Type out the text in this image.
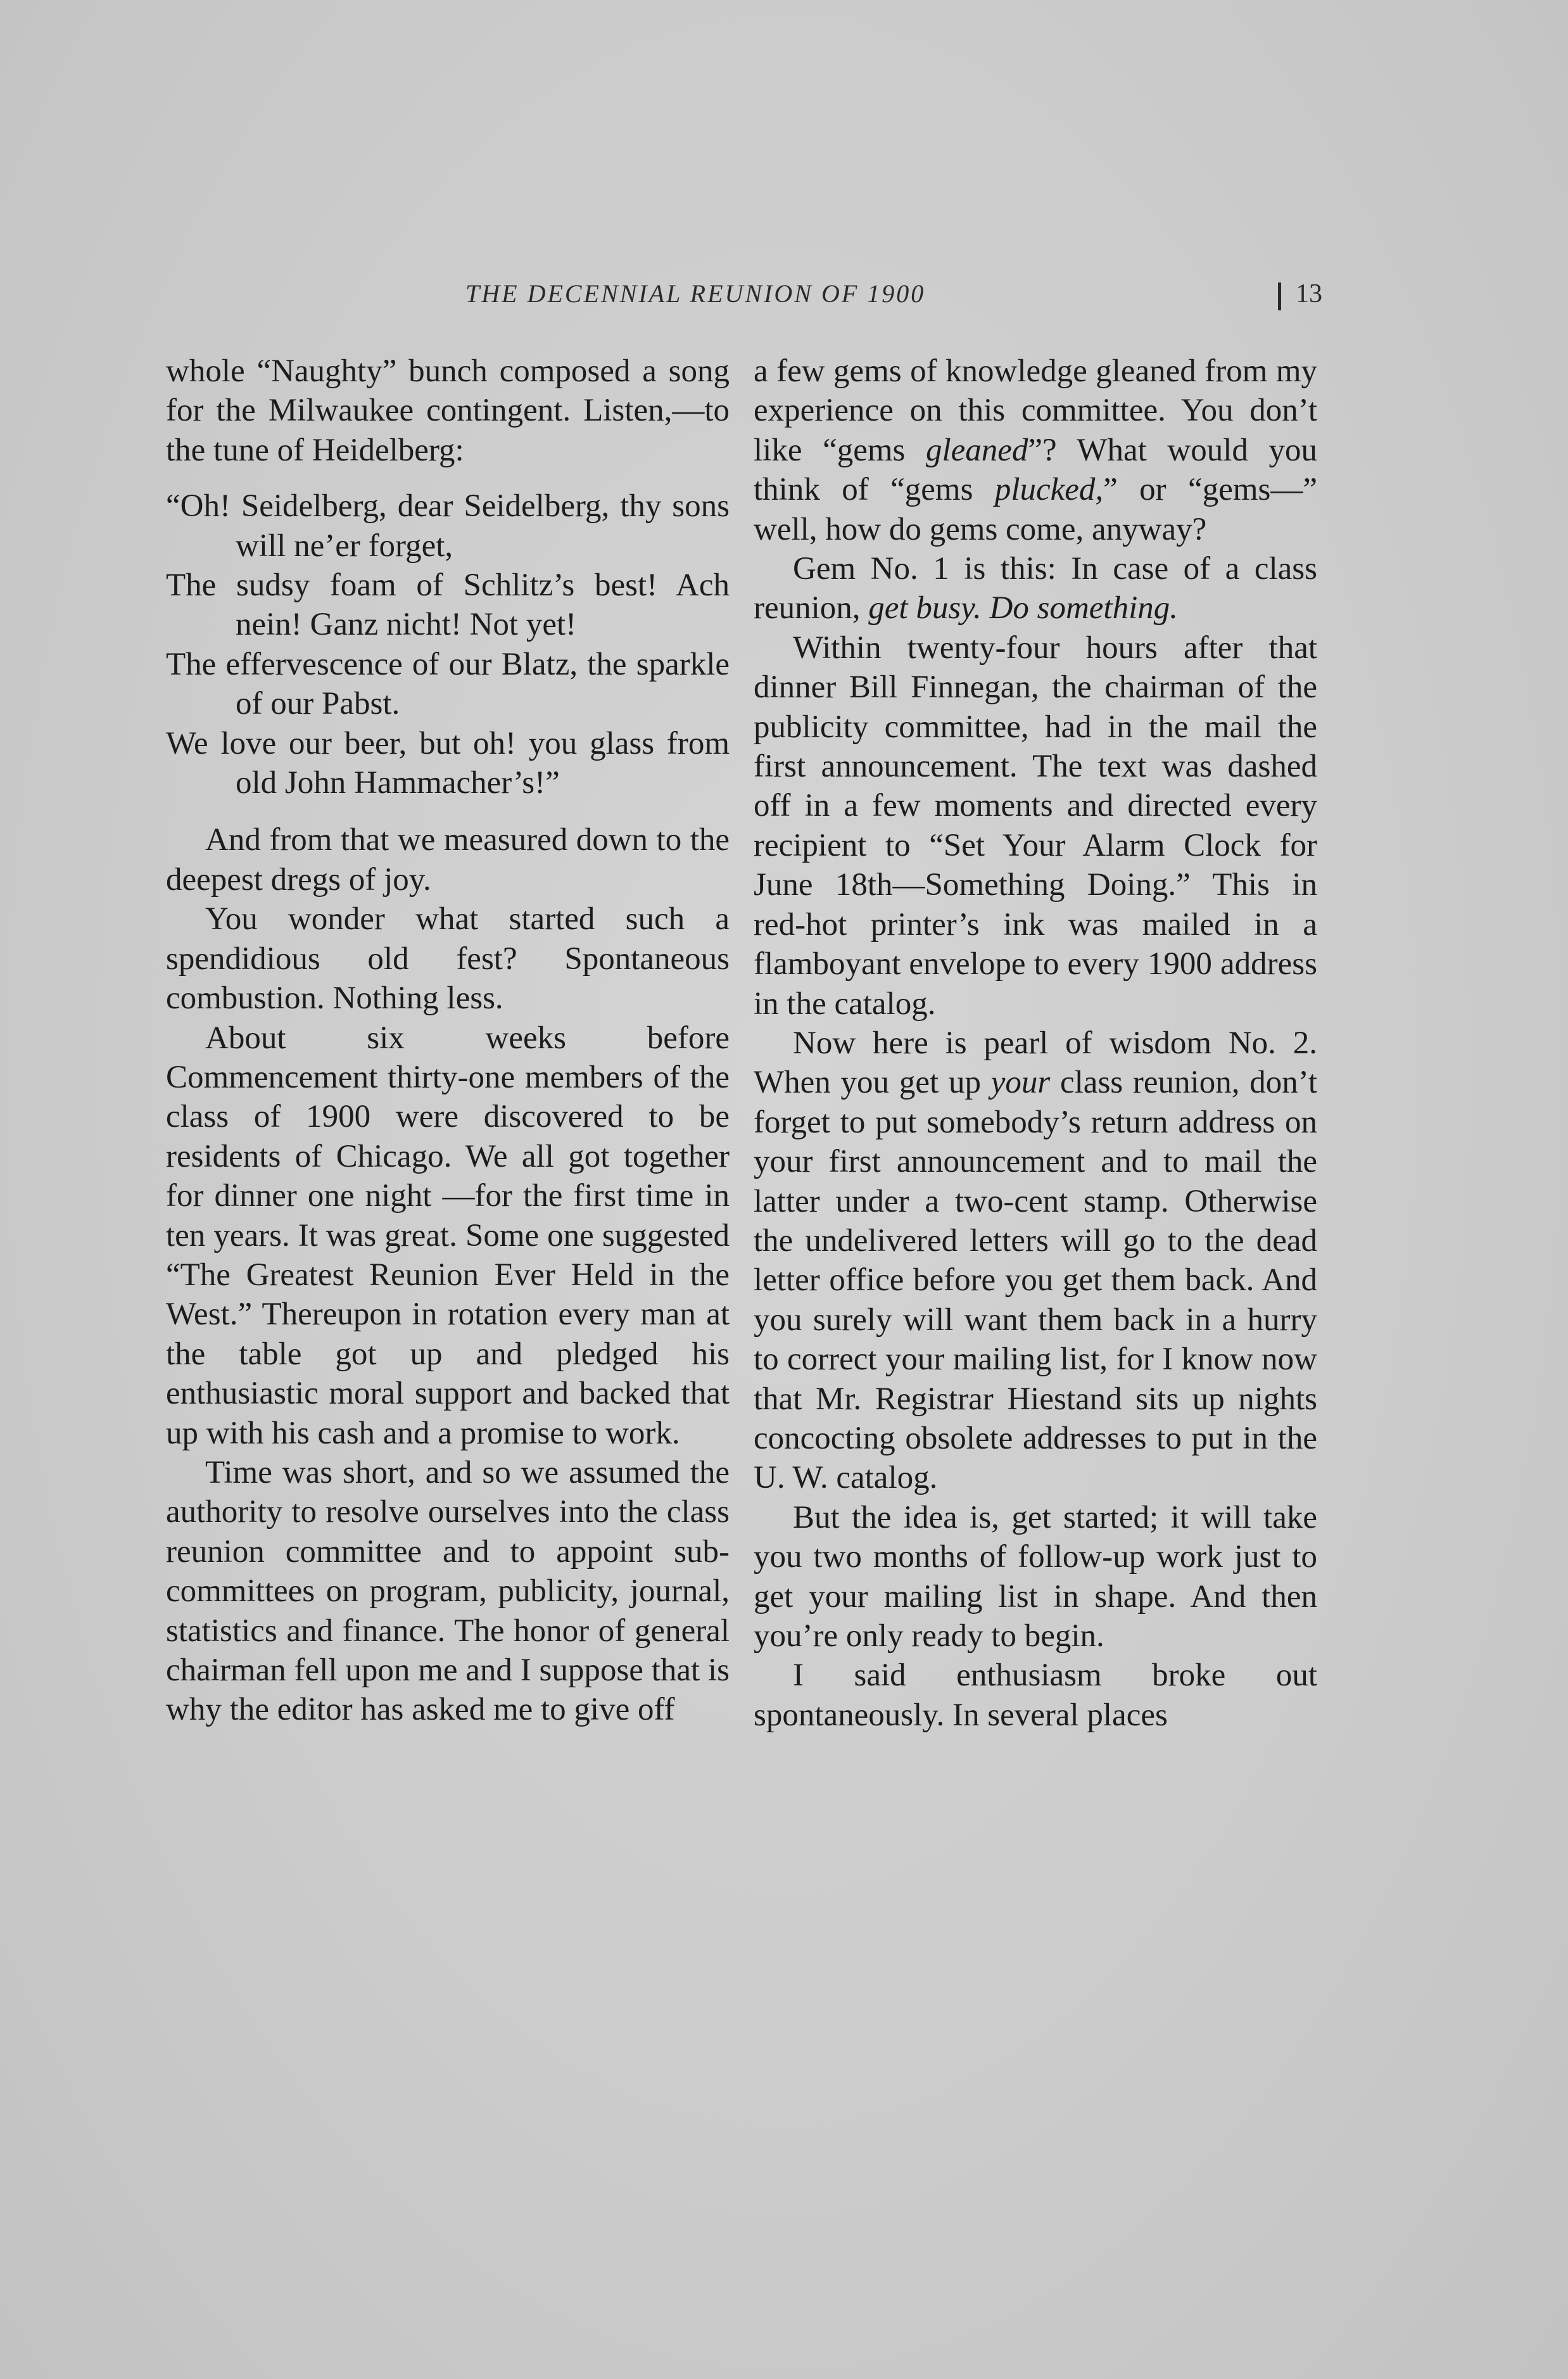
THE DECENNIAL REUNION OF 1900	13

whole “Naughty” bunch composed a song for the Milwaukee contingent. Listen,—to the tune of Heidelberg:

“Oh! Seidelberg, dear Seidelberg, thy sons will ne’er forget,
The sudsy foam of Schlitz’s best! Ach nein! Ganz nicht! Not yet!
The effervescence of our Blatz, the sparkle of our Pabst.
We love our beer, but oh! you glass from old John Hammacher’s!”

And from that we measured down to the deepest dregs of joy.

You wonder what started such a spendidious old fest? Spontaneous combustion. Nothing less.

About six weeks before Commencement thirty-one members of the class of 1900 were discovered to be residents of Chicago. We all got together for dinner one night —for the first time in ten years. It was great. Some one suggested “The Greatest Reunion Ever Held in the West.” Thereupon in rotation every man at the table got up and pledged his enthusiastic moral support and backed that up with his cash and a promise to work.

Time was short, and so we assumed the authority to resolve ourselves into the class reunion committee and to appoint sub-committees on program, publicity, journal, statistics and finance. The honor of general chairman fell upon me and I suppose that is why the editor has asked me to give off

a few gems of knowledge gleaned from my experience on this committee. You don’t like “gems gleaned”? What would you think of “gems plucked,” or “gems—” well, how do gems come, anyway?

Gem No. 1 is this: In case of a class reunion, get busy. Do something.

Within twenty-four hours after that dinner Bill Finnegan, the chairman of the publicity committee, had in the mail the first announcement. The text was dashed off in a few moments and directed every recipient to “Set Your Alarm Clock for June 18th—Something Doing.” This in red-hot printer’s ink was mailed in a flamboyant envelope to every 1900 address in the catalog.

Now here is pearl of wisdom No. 2. When you get up your class reunion, don’t forget to put somebody’s return address on your first announcement and to mail the latter under a two-cent stamp. Otherwise the undelivered letters will go to the dead letter office before you get them back. And you surely will want them back in a hurry to correct your mailing list, for I know now that Mr. Registrar Hiestand sits up nights concocting obsolete addresses to put in the U. W. catalog.

But the idea is, get started; it will take you two months of follow-up work just to get your mailing list in shape. And then you’re only ready to begin.

I said enthusiasm broke out spontaneously. In several places
